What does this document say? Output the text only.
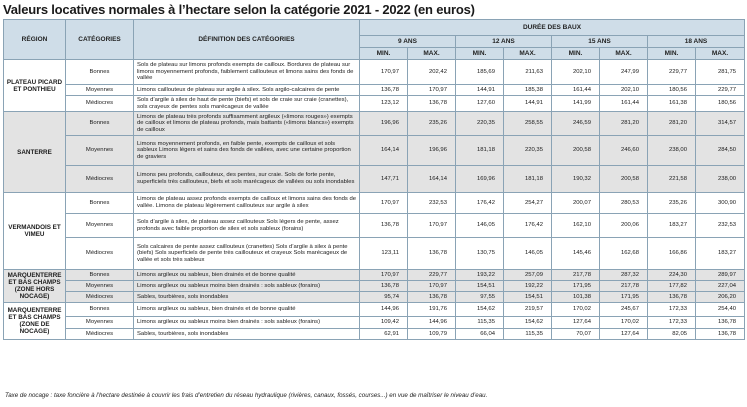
Valeurs locatives normales à l’hectare selon la catégorie 2021 - 2022 (en euros)
RÉGION	CATÉGORIES	DÉFINITION DES CATÉGORIES	DURÉE DES BAUX							
			9 ANS		12 ANS		15 ANS		18 ANS	
			MIN.	MAX.	MIN.	MAX.	MIN.	MAX.	MIN.	MAX.
PLATEAU PICARD ET PONTHIEU	Bonnes	Sols de plateau sur limons profonds exempts de cailloux. Bordures de plateau sur limons moyennement profonds, faiblement caillouteux et limons sains des fonds de vallée	170,97	202,42	185,69	211,63	202,10	247,99	229,77	281,75
	Moyennes	Limons caillouteux de plateau sur argile à silex. Sols argilo-calcaires de pente	136,78	170,97	144,91	185,38	161,44	202,10	180,56	229,77
	Médiocres	Sols d’argile à silex de haut de pente (biefs) et sols de craie sur craie (cranettes), sols crayeux de pentes sols marécageux de vallée	123,12	136,78	127,60	144,91	141,99	161,44	161,38	180,56
SANTERRE	Bonnes	Limons de plateau très profonds suffisamment argileux («limons rouges») exempts de cailloux et limons de plateau profonds, mais battants («limons blancs») exempts de cailloux	196,96	235,26	220,35	258,55	246,59	281,20	281,20	314,57
	Moyennes	Limons moyennement profonds, en faible pente, exempts de cailloux et sols sableux Limons légers et sains des fonds de vallées, avec une certaine proportion de graviers	164,14	196,96	181,18	220,35	200,58	246,60	238,00	284,50
	Médiocres	Limons peu profonds, caillouteux, des pentes, sur craie. Sols de forte pente, superficiels très caillouteux, biefs et sols marécageux de vallées ou sols inondables	147,71	164,14	169,96	181,18	190,32	200,58	221,58	238,00
VERMANDOIS ET VIMEU	Bonnes	Limons de plateau assez profonds exempts de cailloux et limons sains des fonds de vallée. Limons de plateau légèrement caillouteux sur argile à silex	170,97	232,53	176,42	254,27	200,07	280,53	235,26	300,90
	Moyennes	Sols d’argile à silex, de plateau assez caillouteux Sols légers de pente, assez profonds avec faible proportion de silex et sols sableux (forains)	136,78	170,97	146,05	176,42	162,10	200,06	183,27	232,53
	Médiocres	Sols calcaires de pente assez caillouteux (cranettes) Sols d’argile à silex à pente (biefs) Sols superficiels de pente très caillouteux et crayeux Sols marécageux de vallée et sols très sableux	123,11	136,78	130,75	146,05	145,46	162,68	166,86	183,27
MARQUENTERRE ET BAS CHAMPS (ZONE HORS NOCAGE)	Bonnes	Limons argileux ou sableux, bien drainés et de bonne qualité	170,97	229,77	193,22	257,09	217,78	287,32	224,30	289,97
	Moyennes	Limons argileux ou sableux moins bien drainés : sols sableux (forains)	136,78	170,97	154,51	192,22	171,95	217,78	177,82	227,04
	Médiocres	Sables, tourbières, sols inondables	95,74	136,78	97,55	154,51	101,38	171,95	136,78	206,20
MARQUENTERRE ET BAS CHAMPS (ZONE DE NOCAGE)	Bonnes	Limons argileux ou sableux, bien drainés et de bonne qualité	144,96	191,76	154,62	219,57	170,02	245,67	172,33	254,40
	Moyennes	Limons argileux ou sableux moins bien drainés : sols sableux (forains)	109,42	144,96	115,35	154,62	127,64	170,02	172,33	136,78
	Médiocres	Sables, tourbières, sols inondables	62,91	109,79	66,04	115,35	70,07	127,64	82,05	136,78
Taxe de nocage : taxe foncière à l’hectare destinée à couvrir les frais d’entretien du réseau hydraulique (rivières, canaux, fossés, courses...) en vue de maîtriser le niveau d’eau.
